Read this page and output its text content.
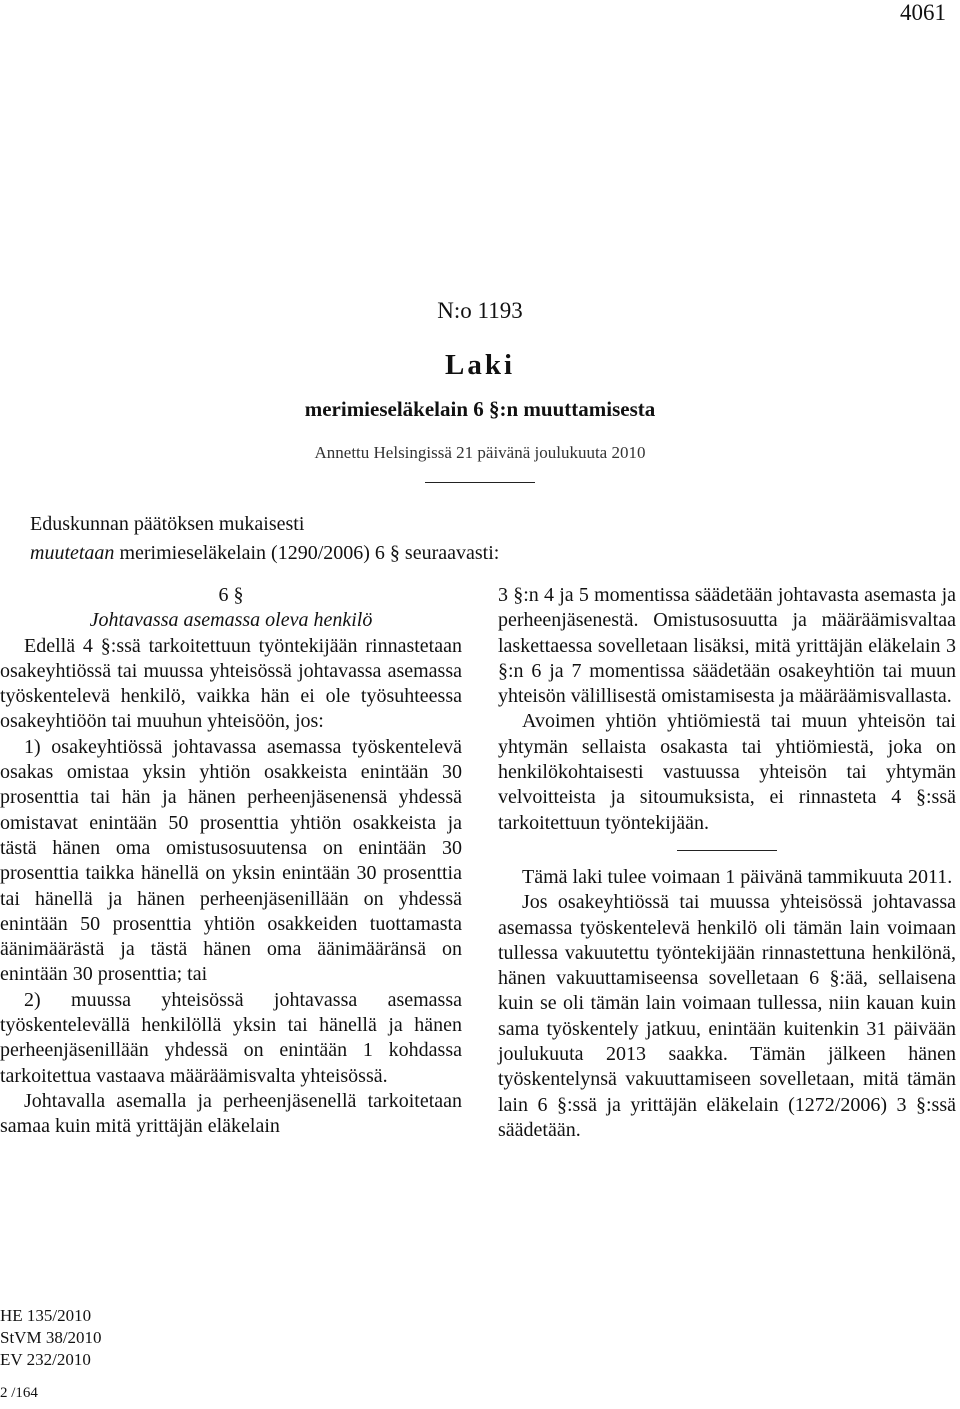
4061
N:o 1193
Laki
merimieseläkelain 6 §:n muuttamisesta
Annettu Helsingissä 21 päivänä joulukuuta 2010
Eduskunnan päätöksen mukaisesti
muutetaan merimieseläkelain (1290/2006) 6 § seuraavasti:

6 §

Johtavassa asemassa oleva henkilö

Edellä 4 §:ssä tarkoitettuun työntekijään rinnastetaan osakeyhtiössä tai muussa yhteisössä johtavassa asemassa työskentelevä henkilö, vaikka hän ei ole työsuhteessa osakeyhtiöön tai muuhun yhteisöön, jos:

1) osakeyhtiössä johtavassa asemassa työskentelevä osakas omistaa yksin yhtiön osakkeista enintään 30 prosenttia tai hän ja hänen perheenjäsenensä yhdessä omistavat enintään 50 prosenttia yhtiön osakkeista ja tästä hänen oma omistusosuutensa on enintään 30 prosenttia taikka hänellä on yksin enintään 30 prosenttia tai hänellä ja hänen perheenjäsenillään on yhdessä enintään 50 prosenttia yhtiön osakkeiden tuottamasta äänimäärästä ja tästä hänen oma äänimääränsä on enintään 30 prosenttia; tai

2) muussa yhteisössä johtavassa asemassa työskentelevällä henkilöllä yksin tai hänellä ja hänen perheenjäsenillään yhdessä on enintään 1 kohdassa tarkoitettua vastaava määräämisvalta yhteisössä.

Johtavalla asemalla ja perheenjäsenellä tarkoitetaan samaa kuin mitä yrittäjän eläkelain

3 §:n 4 ja 5 momentissa säädetään johtavasta asemasta ja perheenjäsenestä. Omistusosuutta ja määräämisvaltaa laskettaessa sovelletaan lisäksi, mitä yrittäjän eläkelain 3 §:n 6 ja 7 momentissa säädetään osakeyhtiön tai muun yhteisön välillisestä omistamisesta ja määräämisvallasta.

Avoimen yhtiön yhtiömiestä tai muun yhteisön tai yhtymän sellaista osakasta tai yhtiömiestä, joka on henkilökohtaisesti vastuussa yhteisön tai yhtymän velvoitteista ja sitoumuksista, ei rinnasteta 4 §:ssä tarkoitettuun työntekijään.

Tämä laki tulee voimaan 1 päivänä tammikuuta 2011.

Jos osakeyhtiössä tai muussa yhteisössä johtavassa asemassa työskentelevä henkilö oli tämän lain voimaan tullessa vakuutettu työntekijään rinnastettuna henkilönä, hänen vakuuttamiseensa sovelletaan 6 §:ää, sellaisena kuin se oli tämän lain voimaan tullessa, niin kauan kuin sama työskentely jatkuu, enintään kuitenkin 31 päivään joulukuuta 2013 saakka. Tämän jälkeen hänen työskentelynsä vakuuttamiseen sovelletaan, mitä tämän lain 6 §:ssä ja yrittäjän eläkelain (1272/2006) 3 §:ssä säädetään.

HE 135/2010
StVM 38/2010
EV 232/2010
2 /164
